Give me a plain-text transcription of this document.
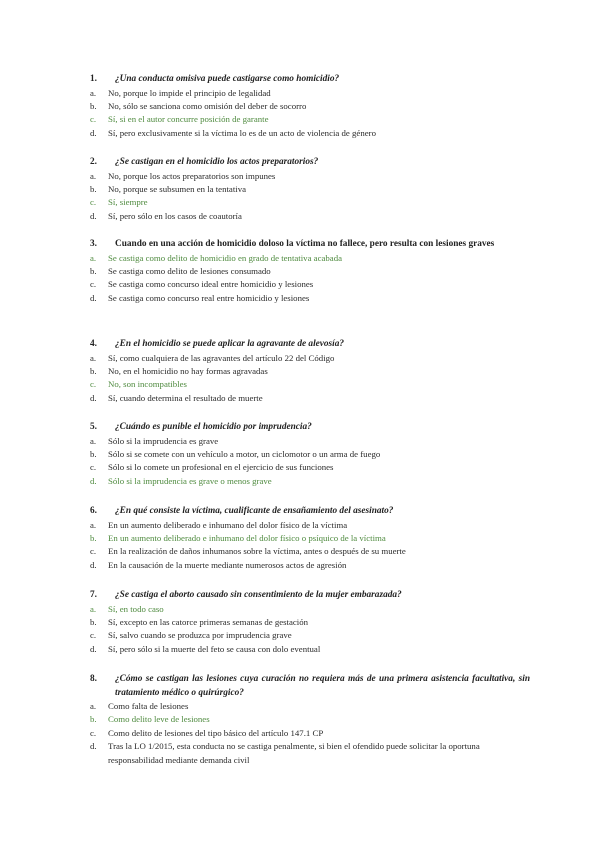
1.	¿Una conducta omisiva puede castigarse como homicidio?
a.	No, porque lo impide el principio de legalidad
b.	No, sólo se sanciona como omisión del deber de socorro
c.	Sí, si en el autor concurre posición de garante
d.	Sí, pero exclusivamente si la víctima lo es de un acto de violencia de género
2.	¿Se castigan en el homicidio los actos preparatorios?
a.	No, porque los actos preparatorios son impunes
b.	No, porque se subsumen en la tentativa
c.	Sí, siempre
d.	Sí, pero sólo en los casos de coautoría
3.	Cuando en una acción de homicidio doloso la víctima no fallece, pero resulta con lesiones graves
a.	Se castiga como delito de homicidio en grado de tentativa acabada
b.	Se castiga como delito de lesiones consumado
c.	Se castiga como concurso ideal entre homicidio y lesiones
d.	Se castiga como concurso real entre homicidio y lesiones
4.	¿En el homicidio se puede aplicar la agravante de alevosía?
a.	Sí, como cualquiera de las agravantes del artículo 22 del Código
b.	No, en el homicidio no hay formas agravadas
c.	No, son incompatibles
d.	Sí, cuando determina el resultado de muerte
5.	¿Cuándo es punible el homicidio por imprudencia?
a.	Sólo si la imprudencia es grave
b.	Sólo si se comete con un vehículo a motor, un ciclomotor o un arma de fuego
c.	Sólo si lo comete un profesional en el ejercicio de sus funciones
d.	Sólo si la imprudencia es grave o menos grave
6.	¿En qué consiste la víctima, cualificante de ensañamiento del asesinato?
a.	En un aumento deliberado e inhumano del dolor físico de la víctima
b.	En un aumento deliberado e inhumano del dolor físico o psíquico de la víctima
c.	En la realización de daños inhumanos sobre la víctima, antes o después de su muerte
d.	En la causación de la muerte mediante numerosos actos de agresión
7.	¿Se castiga el aborto causado sin consentimiento de la mujer embarazada?
a.	Sí, en todo caso
b.	Sí, excepto en las catorce primeras semanas de gestación
c.	Sí, salvo cuando se produzca por imprudencia grave
d.	Sí, pero sólo si la muerte del feto se causa con dolo eventual
8.	¿Cómo se castigan las lesiones cuya curación no requiera más de una primera asistencia facultativa, sin tratamiento médico o quirúrgico?
a.	Como falta de lesiones
b.	Como delito leve de lesiones
c.	Como delito de lesiones del tipo básico del artículo 147.1 CP
d.	Tras la LO 1/2015, esta conducta no se castiga penalmente, si bien el ofendido puede solicitar la oportuna responsabilidad mediante demanda civil
